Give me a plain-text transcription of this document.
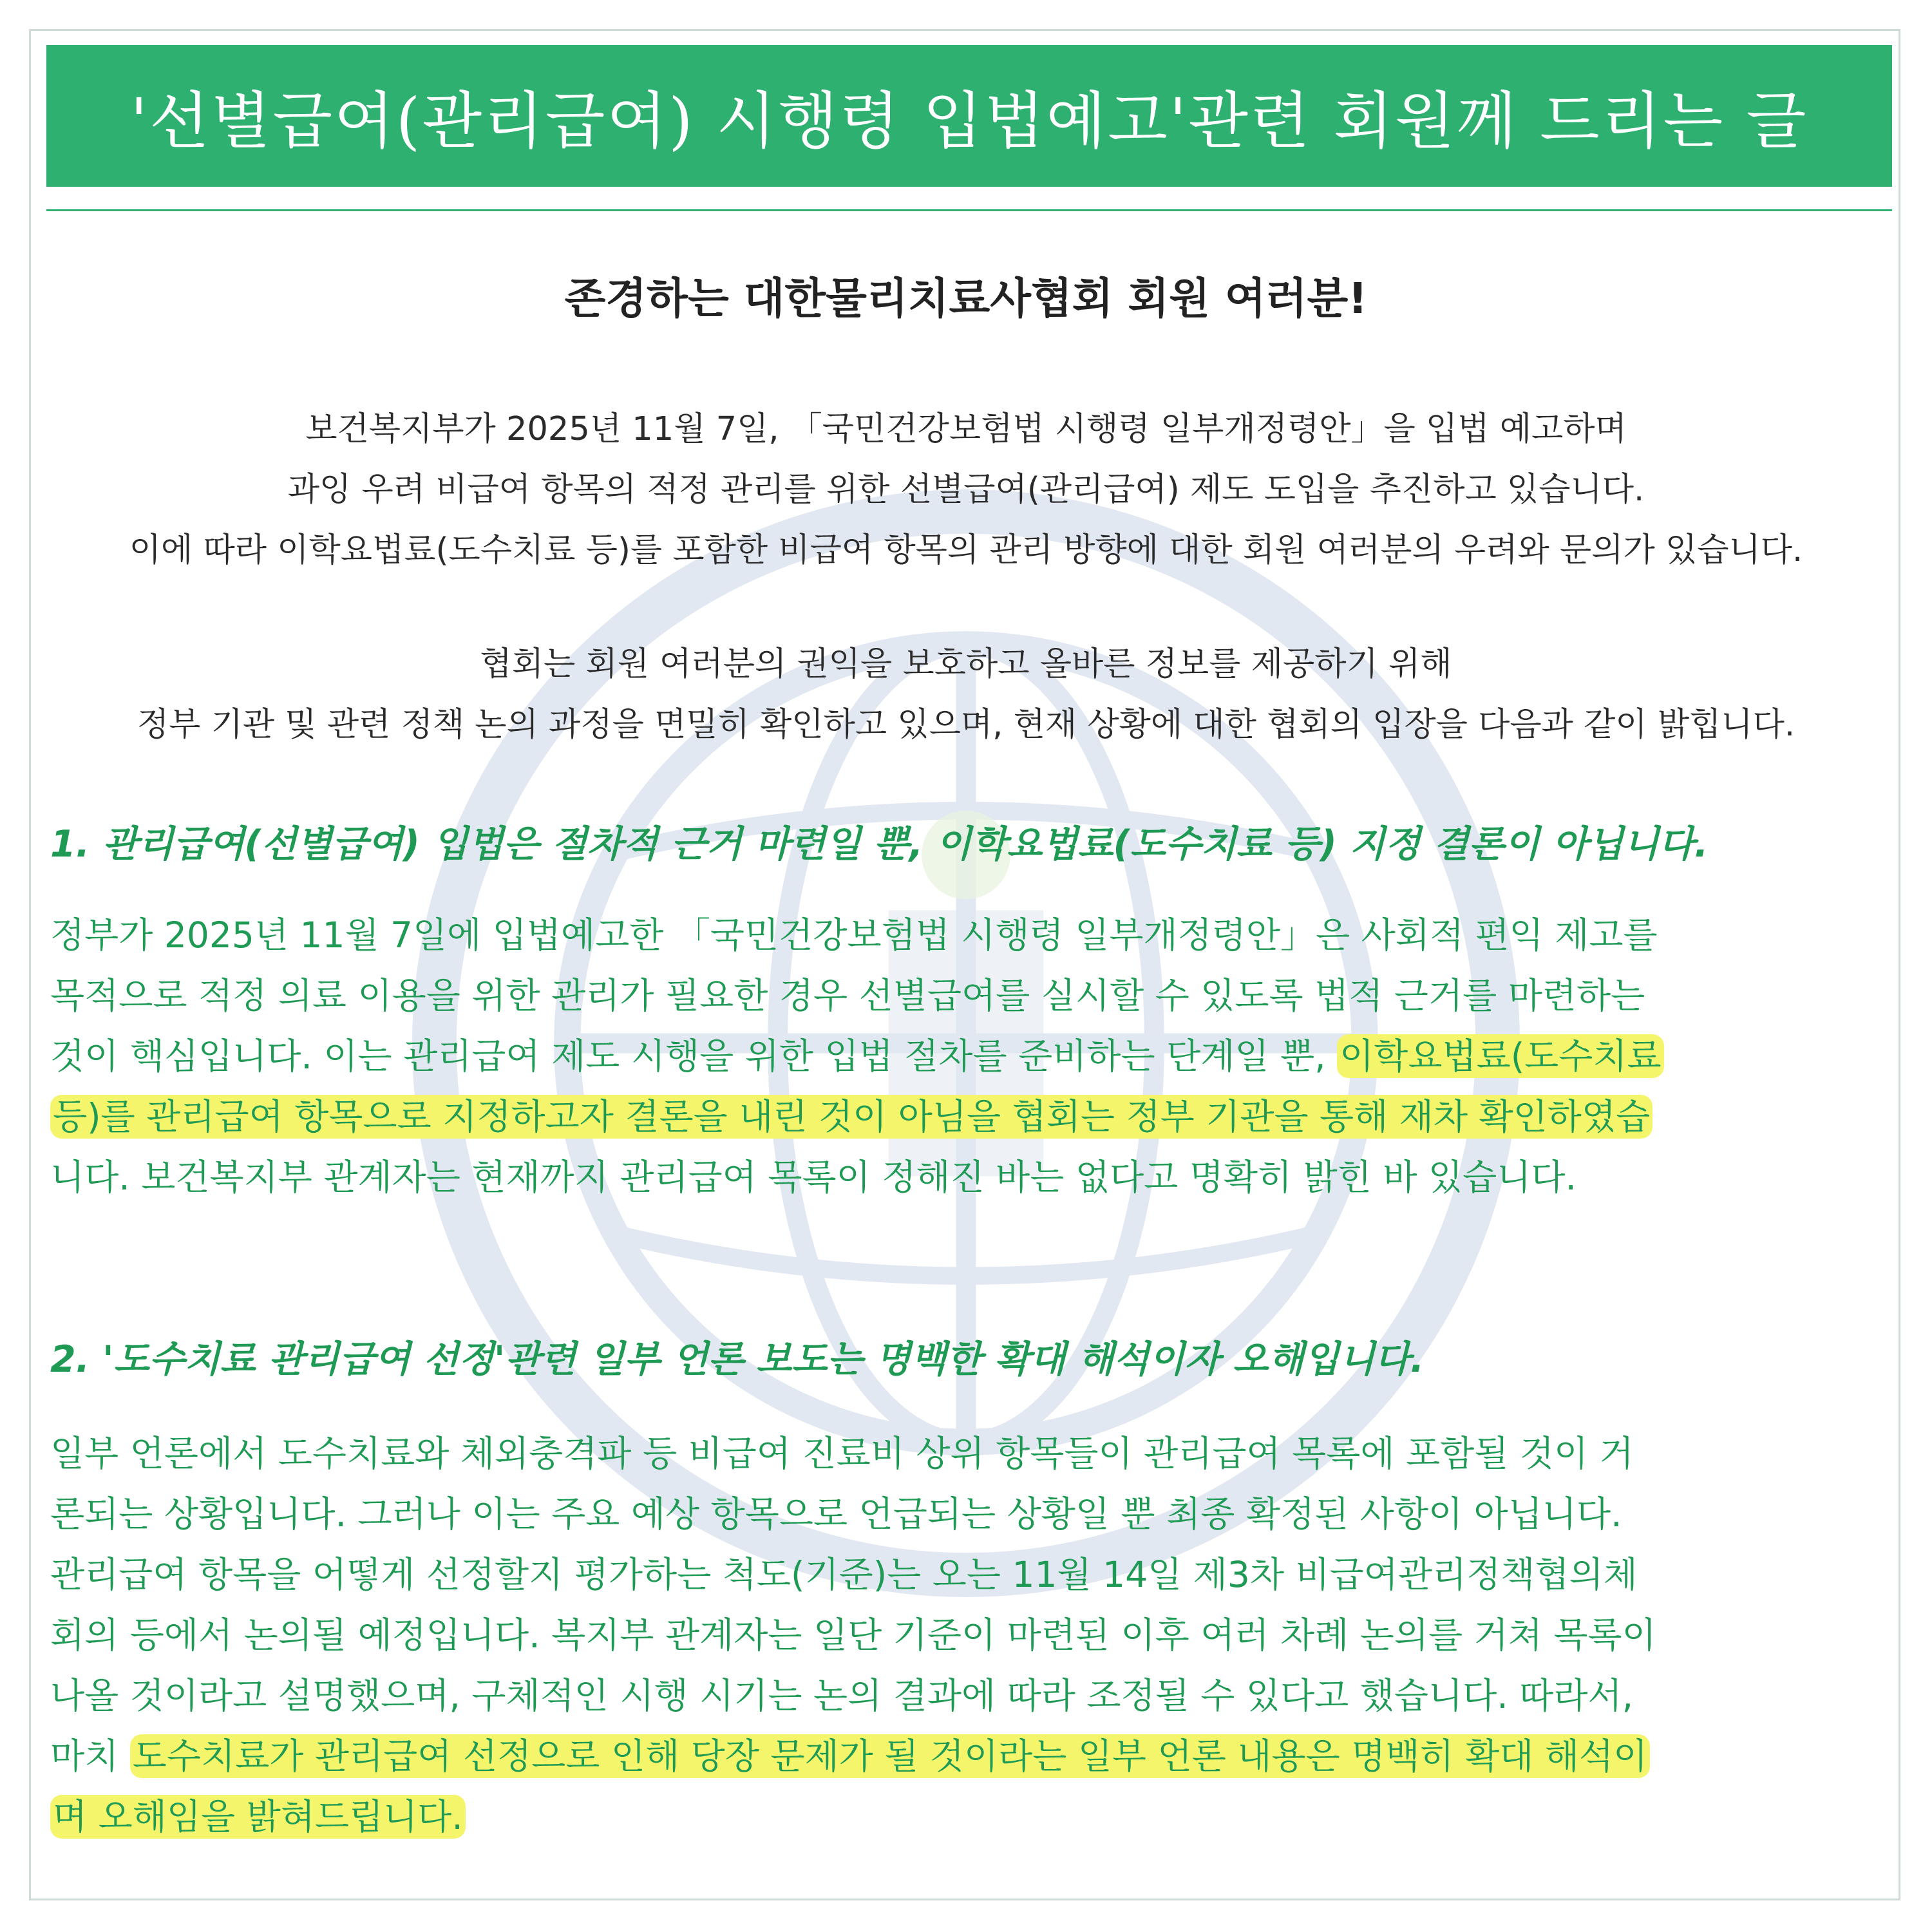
'선별급여(관리급여) 시행령 입법예고'관련 회원께 드리는 글
존경하는 대한물리치료사협회 회원 여러분!
보건복지부가 2025년 11월 7일, 「국민건강보험법 시행령 일부개정령안」을 입법 예고하며
과잉 우려 비급여 항목의 적정 관리를 위한 선별급여(관리급여) 제도 도입을 추진하고 있습니다.
이에 따라 이학요법료(도수치료 등)를 포함한 비급여 항목의 관리 방향에 대한 회원 여러분의 우려와 문의가 있습니다.
협회는 회원 여러분의 권익을 보호하고 올바른 정보를 제공하기 위해
정부 기관 및 관련 정책 논의 과정을 면밀히 확인하고 있으며, 현재 상황에 대한 협회의 입장을 다음과 같이 밝힙니다.
1. 관리급여(선별급여) 입법은 절차적 근거 마련일 뿐, 이학요법료(도수치료 등) 지정 결론이 아닙니다.
정부가 2025년 11월 7일에 입법예고한 「국민건강보험법 시행령 일부개정령안」은 사회적 편익 제고를
목적으로 적정 의료 이용을 위한 관리가 필요한 경우 선별급여를 실시할 수 있도록 법적 근거를 마련하는
것이 핵심입니다. 이는 관리급여 제도 시행을 위한 입법 절차를 준비하는 단계일 뿐, 이학요법료(도수치료
등)를 관리급여 항목으로 지정하고자 결론을 내린 것이 아님을 협회는 정부 기관을 통해 재차 확인하였습
니다. 보건복지부 관계자는 현재까지 관리급여 목록이 정해진 바는 없다고 명확히 밝힌 바 있습니다.
2. '도수치료 관리급여 선정'관련 일부 언론 보도는 명백한 확대 해석이자 오해입니다.
일부 언론에서 도수치료와 체외충격파 등 비급여 진료비 상위 항목들이 관리급여 목록에 포함될 것이 거
론되는 상황입니다. 그러나 이는 주요 예상 항목으로 언급되는 상황일 뿐 최종 확정된 사항이 아닙니다.
관리급여 항목을 어떻게 선정할지 평가하는 척도(기준)는 오는 11월 14일 제3차 비급여관리정책협의체
회의 등에서 논의될 예정입니다. 복지부 관계자는 일단 기준이 마련된 이후 여러 차례 논의를 거쳐 목록이
나올 것이라고 설명했으며, 구체적인 시행 시기는 논의 결과에 따라 조정될 수 있다고 했습니다. 따라서,
마치 도수치료가 관리급여 선정으로 인해 당장 문제가 될 것이라는 일부 언론 내용은 명백히 확대 해석이
며 오해임을 밝혀드립니다.
